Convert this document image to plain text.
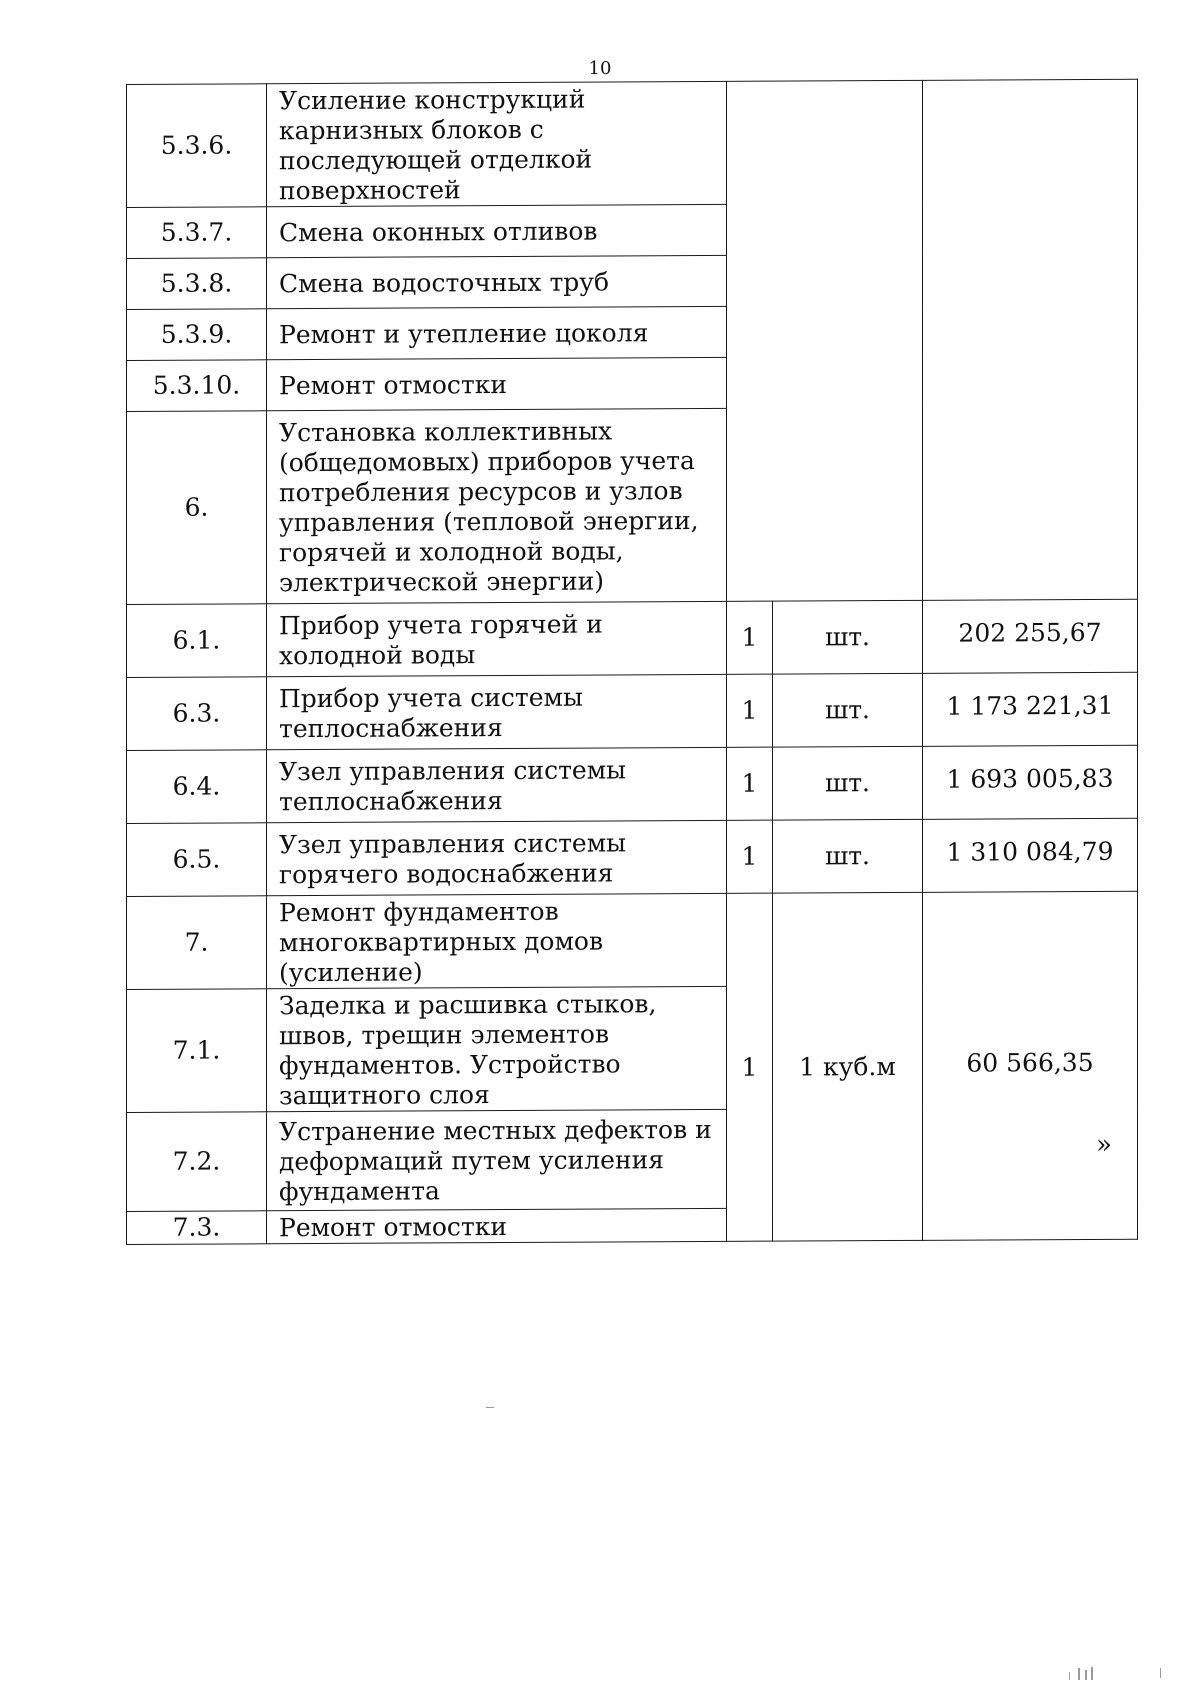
10
5.3.6.	Усиление конструкций карнизных блоков с последующей отделкой поверхностей			
5.3.7.	Смена оконных отливов			
5.3.8.	Смена водосточных труб			
5.3.9.	Ремонт и утепление цоколя			
5.3.10.	Ремонт отмостки			
6.	Установка коллективных (общедомовых) приборов учета потребления ресурсов и узлов управления (тепловой энергии, горячей и холодной воды, электрической энергии)			
6.1.	Прибор учета горячей и холодной воды	1	шт.	202 255,67
6.3.	Прибор учета системы теплоснабжения	1	шт.	1 173 221,31
6.4.	Узел управления системы теплоснабжения	1	шт.	1 693 005,83
6.5.	Узел управления системы горячего водоснабжения	1	шт.	1 310 084,79
7.	Ремонт фундаментов многоквартирных домов (усиление)	1	1 куб.м	60 566,35
7.1.	Заделка и расшивка стыков, швов, трещин элементов фундаментов. Устройство защитного слоя			
7.2.	Устранение местных дефектов и деформаций путем усиления фундамента			
7.3.	Ремонт отмостки			
»
